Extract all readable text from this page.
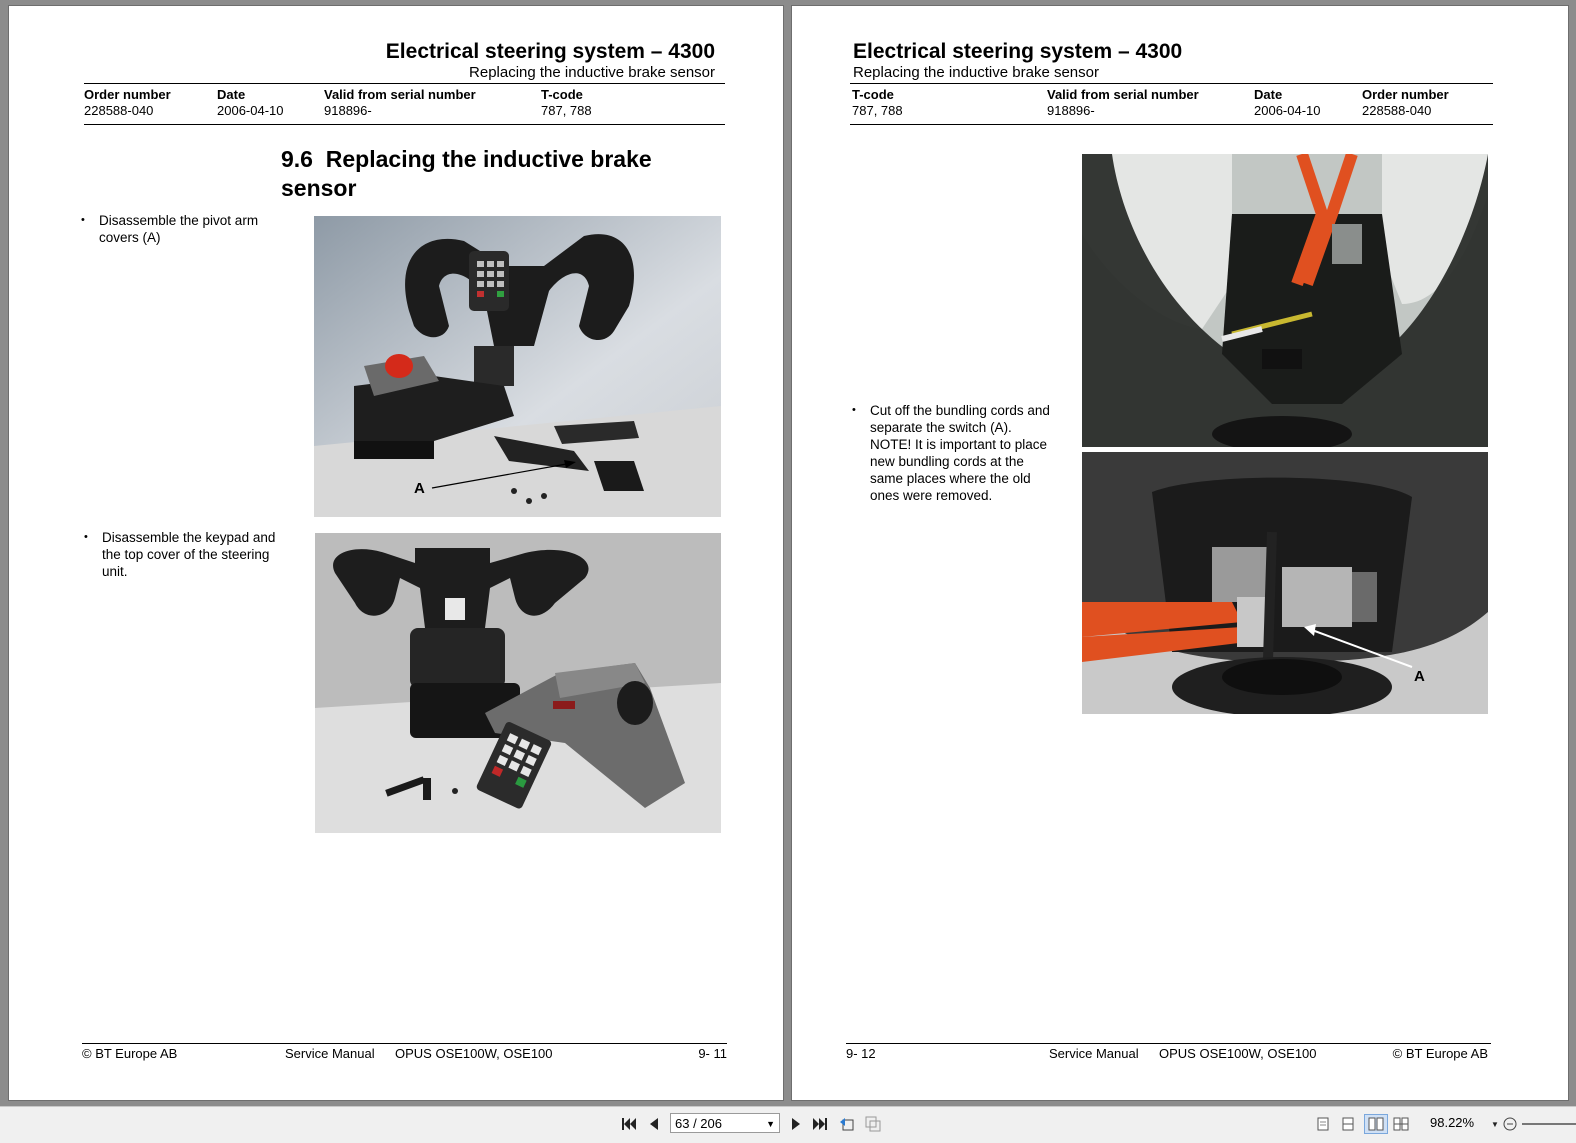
Electrical steering system – 4300
Replacing the inductive brake sensor
Order number	Date	Valid from serial number	T-code
228588-040	2006-04-10	918896-	787, 788
9.6 Replacing the inductive brake sensor
• Disassemble the pivot arm covers (A)
• Disassemble the keypad and the top cover of the steering unit.
A
© BT Europe AB	Service Manual OPUS OSE100W, OSE100	9- 11
Electrical steering system – 4300
Replacing the inductive brake sensor
T-code	Valid from serial number	Date	Order number
787, 788	918896-	2006-04-10	228588-040
• Cut off the bundling cords and separate the switch (A). NOTE! It is important to place new bundling cords at the same places where the old ones were removed.
A
9- 12	Service Manual OPUS OSE100W, OSE100	© BT Europe AB
63 / 206	▼	98.22%	▼
